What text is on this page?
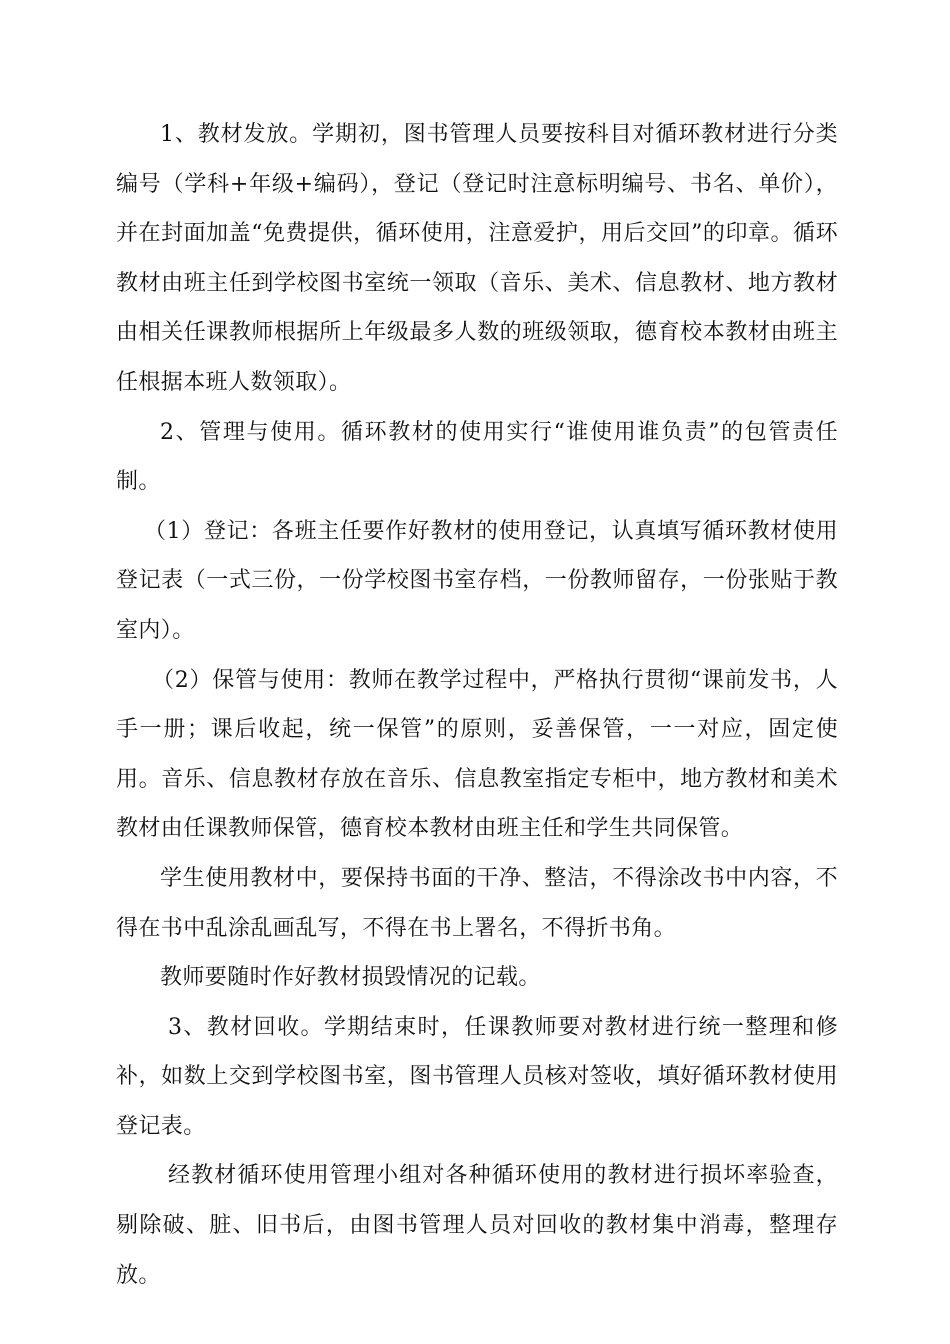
1、教材发放。学期初，图书管理人员要按科目对循环教材进行分类编号（学科+年级+编码），登记（登记时注意标明编号、书名、单价），并在封面加盖“免费提供，循环使用，注意爱护，用后交回”的印章。循环教材由班主任到学校图书室统一领取（音乐、美术、信息教材、地方教材由相关任课教师根据所上年级最多人数的班级领取，德育校本教材由班主任根据本班人数领取）。

2、管理与使用。循环教材的使用实行“谁使用谁负责”的包管责任制。

（1）登记：各班主任要作好教材的使用登记，认真填写循环教材使用登记表（一式三份，一份学校图书室存档，一份教师留存，一份张贴于教室内）。

（2）保管与使用：教师在教学过程中，严格执行贯彻“课前发书，人手一册；课后收起，统一保管”的原则，妥善保管，一一对应，固定使用。音乐、信息教材存放在音乐、信息教室指定专柜中，地方教材和美术教材由任课教师保管，德育校本教材由班主任和学生共同保管。

学生使用教材中，要保持书面的干净、整洁，不得涂改书中内容，不得在书中乱涂乱画乱写，不得在书上署名，不得折书角。

教师要随时作好教材损毁情况的记载。

3、教材回收。学期结束时，任课教师要对教材进行统一整理和修补，如数上交到学校图书室，图书管理人员核对签收，填好循环教材使用登记表。

经教材循环使用管理小组对各种循环使用的教材进行损坏率验查，剔除破、脏、旧书后，由图书管理人员对回收的教材集中消毒，整理存放。
